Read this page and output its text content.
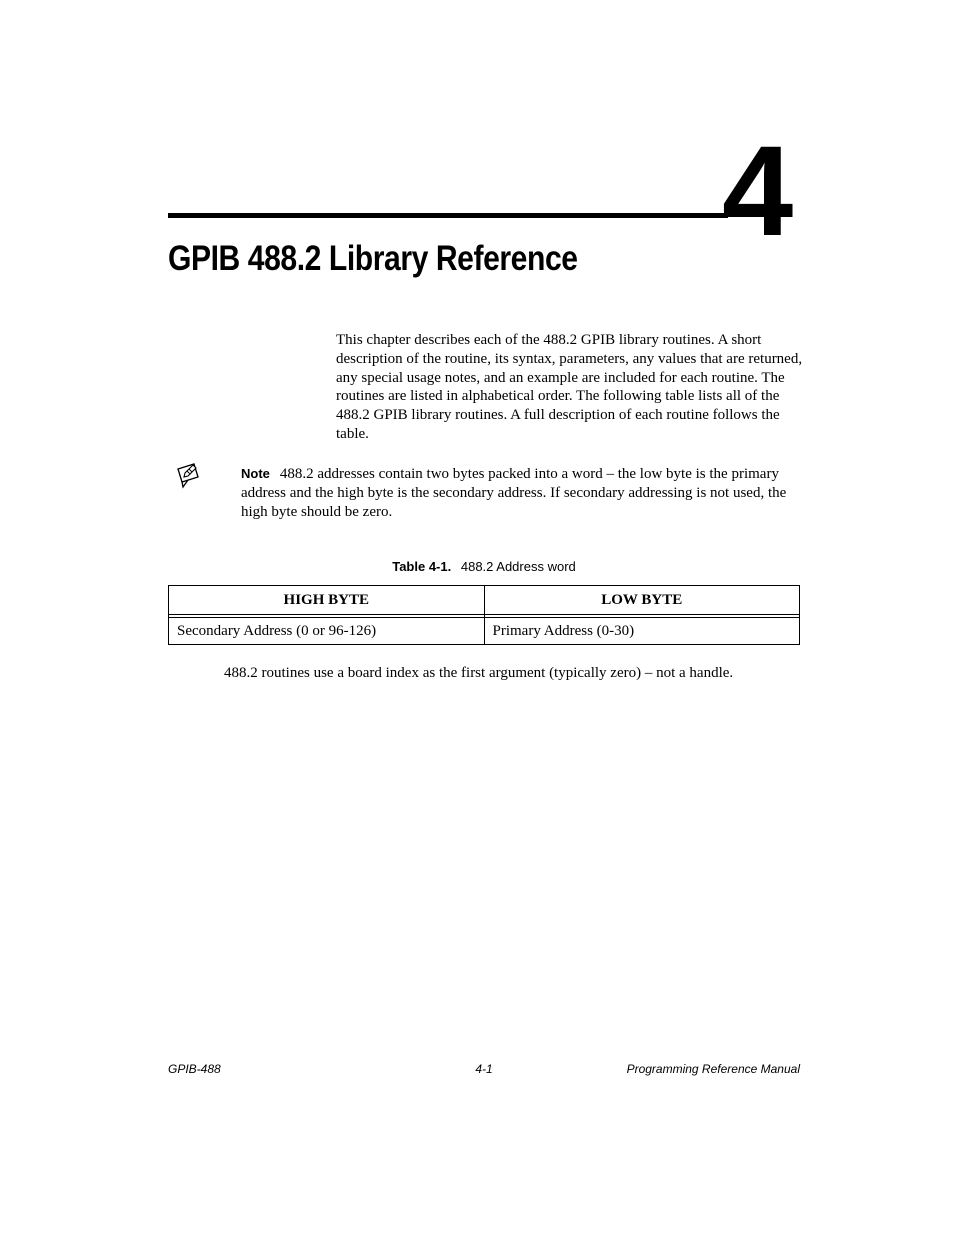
4
GPIB 488.2 Library Reference

This chapter describes each of the 488.2 GPIB library routines. A short description of the routine, its syntax, parameters, any values that are returned, any special usage notes, and an example are included for each routine. The routines are listed in alphabetical order. The following table lists all of the 488.2 GPIB library routines. A full description of each routine follows the table.

Note 488.2 addresses contain two bytes packed into a word – the low byte is the primary address and the high byte is the secondary address. If secondary addressing is not used, the high byte should be zero.

Table 4-1. 488.2 Address word
HIGH BYTE	LOW BYTE

Secondary Address (0 or 96-126)	Primary Address (0-30)

488.2 routines use a board index as the first argument (typically zero) – not a handle.

GPIB-488	4-1	Programming Reference Manual
